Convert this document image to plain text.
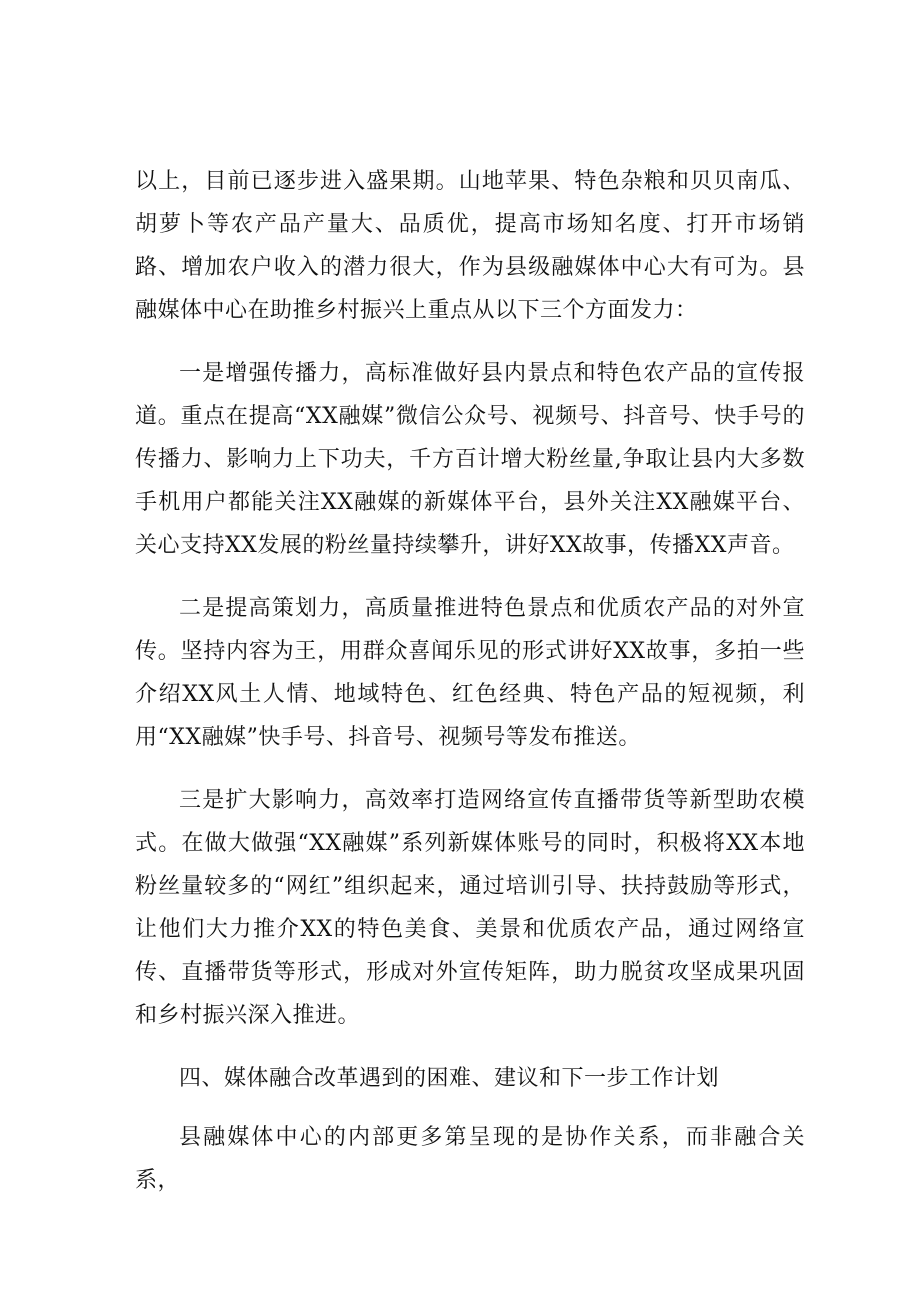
以上，目前已逐步进入盛果期。山地苹果、特色杂粮和贝贝南瓜、胡萝卜等农产品产量大、品质优，提高市场知名度、打开市场销路、增加农户收入的潜力很大，作为县级融媒体中心大有可为。县融媒体中心在助推乡村振兴上重点从以下三个方面发力：

一是增强传播力，高标准做好县内景点和特色农产品的宣传报道。重点在提高“XX融媒”微信公众号、视频号、抖音号、快手号的传播力、影响力上下功夫，千方百计增大粉丝量,争取让县内大多数手机用户都能关注XX融媒的新媒体平台，县外关注XX融媒平台、关心支持XX发展的粉丝量持续攀升，讲好XX故事，传播XX声音。

二是提高策划力，高质量推进特色景点和优质农产品的对外宣传。坚持内容为王，用群众喜闻乐见的形式讲好XX故事，多拍一些介绍XX风土人情、地域特色、红色经典、特色产品的短视频，利用“XX融媒”快手号、抖音号、视频号等发布推送。

三是扩大影响力，高效率打造网络宣传直播带货等新型助农模式。在做大做强“XX融媒”系列新媒体账号的同时，积极将XX本地粉丝量较多的“网红”组织起来，通过培训引导、扶持鼓励等形式，让他们大力推介XX的特色美食、美景和优质农产品，通过网络宣传、直播带货等形式，形成对外宣传矩阵，助力脱贫攻坚成果巩固和乡村振兴深入推进。

四、媒体融合改革遇到的困难、建议和下一步工作计划

县融媒体中心的内部更多第呈现的是协作关系，而非融合关系，
